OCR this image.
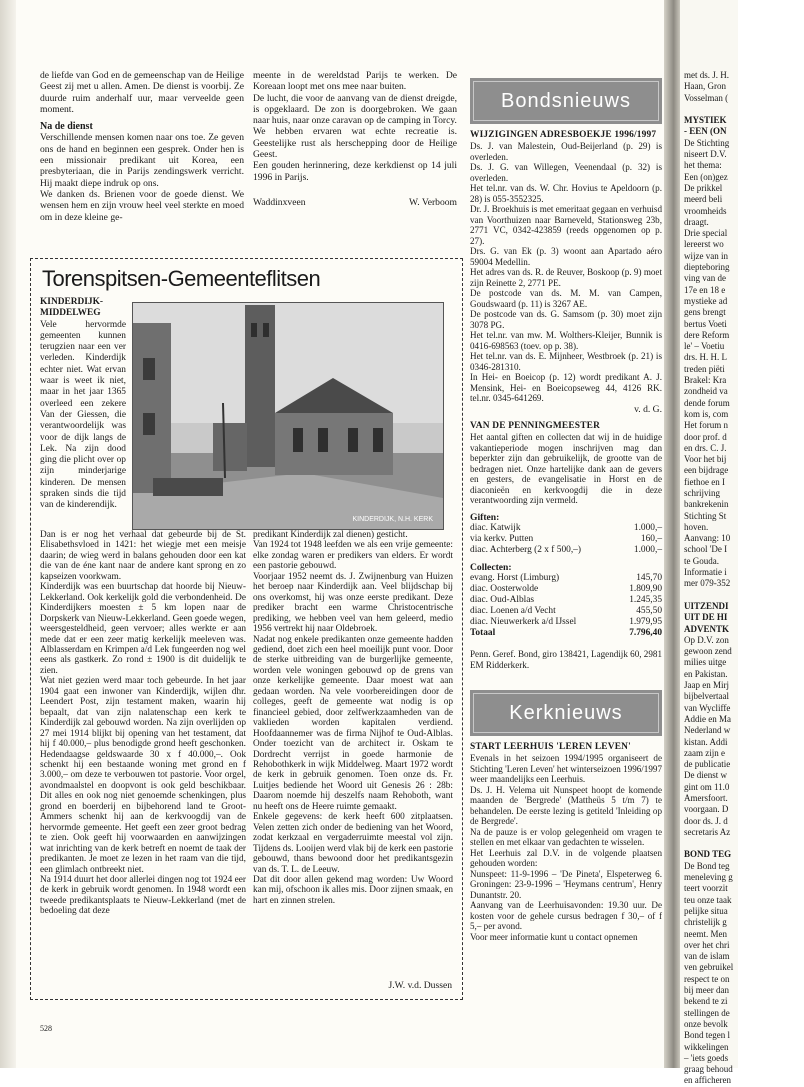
de liefde van God en de gemeenschap van de Heilige Geest zij met u allen. Amen. De dienst is voorbij. Ze duurde ruim anderhalf uur, maar verveelde geen moment.

Na de dienst

Verschillende mensen komen naar ons toe. Ze geven ons de hand en beginnen een gesprek. Onder hen is een missionair predikant uit Korea, een presbyteriaan, die in Parijs zendingswerk verricht. Hij maakt diepe indruk op ons.

We danken ds. Brienen voor de goede dienst. We wensen hem en zijn vrouw heel veel sterkte en moed om in deze kleine ge-

meente in de wereldstad Parijs te werken. De Koreaan loopt met ons mee naar buiten.

De lucht, die voor de aanvang van de dienst dreigde, is opgeklaard. De zon is doorgebroken. We gaan naar huis, naar onze caravan op de camping in Torcy.

We hebben ervaren wat echte recreatie is. Geestelijke rust als herschepping door de Heilige Geest.

Een gouden herinnering, deze kerkdienst op 14 juli 1996 in Parijs.

Waddinxveen	W. Verboom
Torenspitsen-Gemeenteflitsen

KINDERDIJK-MIDDELWEG

Vele hervormde gemeenten kunnen terugzien naar een ver verleden. Kinderdijk echter niet. Wat ervan waar is weet ik niet, maar in het jaar 1365 overleed een zekere Van der Giessen, die verantwoordelijk was voor de dijk langs de Lek. Na zijn dood ging die plicht over op zijn minderjarige kinderen. De mensen spraken sinds die tijd van de kinderendijk.

KINDERDIJK, N.H. KERK
Dan is er nog het verhaal dat gebeurde bij de St. Elisabethsvloed in 1421: het wiegje met een meisje daarin; de wieg werd in balans gehouden door een kat die van de éne kant naar de andere kant sprong en zo kapseizen voorkwam.
Kinderdijk was een buurtschap dat hoorde bij Nieuw-Lekkerland. Ook kerkelijk gold die verbondenheid. De Kinderdijkers moesten ± 5 km lopen naar de Dorpskerk van Nieuw-Lekkerland. Geen goede wegen, weersgesteldheid, geen vervoer; alles werkte er aan mede dat er een zeer matig kerkelijk meeleven was. Alblasserdam en Krimpen a/d Lek fungeerden nog wel eens als gastkerk. Zo rond ± 1900 is dit duidelijk te zien.
Wat niet gezien werd maar toch gebeurde. In het jaar 1904 gaat een inwoner van Kinderdijk, wijlen dhr. Leendert Post, zijn testament maken, waarin hij bepaalt, dat van zijn nalatenschap een kerk te Kinderdijk zal gebouwd worden. Na zijn overlijden op 27 mei 1914 blijkt bij opening van het testament, dat hij f 40.000,– plus benodigde grond heeft geschonken. Hedendaagse geldswaarde 30 x f 40.000,–. Ook schenkt hij een bestaande woning met grond en f 3.000,– om deze te verbouwen tot pastorie. Voor orgel, avondmaalstel en doopvont is ook geld beschikbaar. Dit alles en ook nog niet genoemde schenkingen, plus grond en boerderij en bijbehorend land te Groot-Ammers schenkt hij aan de kerkvoogdij van de hervormde gemeente. Het geeft een zeer groot bedrag te zien. Ook geeft hij voorwaarden en aanwijzingen wat inrichting van de kerk betreft en noemt de taak der predikanten. Je moet ze lezen in het raam van die tijd, een glimlach ontbreekt niet.
Na 1914 duurt het door allerlei dingen nog tot 1924 eer de kerk in gebruik wordt genomen. In 1948 wordt een tweede predikantsplaats te Nieuw-Lekkerland (met de bedoeling dat deze
predikant Kinderdijk zal dienen) gesticht.
Van 1924 tot 1948 leefden we als een vrije gemeente: elke zondag waren er predikers van elders. Er wordt een pastorie gebouwd.
Voorjaar 1952 neemt ds. J. Zwijnenburg van Huizen het beroep naar Kinderdijk aan. Veel blijdschap bij ons overkomst, hij was onze eerste predikant. Deze prediker bracht een warme Christocentrische prediking, we hebben veel van hem geleerd, medio 1956 vertrekt hij naar Oldebroek.
Nadat nog enkele predikanten onze gemeente hadden gediend, doet zich een heel moeilijk punt voor. Door de sterke uitbreiding van de burgerlijke gemeente, worden vele woningen gebouwd op de grens van onze kerkelijke gemeente. Daar moest wat aan gedaan worden. Na vele voorbereidingen door de colleges, geeft de gemeente wat nodig is op financieel gebied, door zelfwerkzaamheden van de vaklieden worden kapitalen verdiend. Hoofdaannemer was de firma Nijhof te Oud-Alblas. Onder toezicht van de architect ir. Oskam te Dordrecht verrijst in goede harmonie de Rehobothkerk in wijk Middelweg. Maart 1972 wordt de kerk in gebruik genomen. Toen onze ds. Fr. Luitjes bediende het Woord uit Genesis 26 : 28b: Daarom noemde hij deszelfs naam Rehoboth, want nu heeft ons de Heere ruimte gemaakt.
Enkele gegevens: de kerk heeft 600 zitplaatsen. Velen zetten zich onder de bediening van het Woord, zodat kerkzaal en vergaderruimte meestal vol zijn. Tijdens ds. Looijen werd vlak bij de kerk een pastorie gebouwd, thans bewoond door het predikantsgezin van ds. T. L. de Leeuw.
Dat dit door allen gekend mag worden: Uw Woord kan mij, ofschoon ik alles mis. Door zijnen smaak, en hart en zinnen strelen.
J.W. v.d. Dussen
528
Bondsnieuws

WIJZIGINGEN ADRESBOEKJE 1996/1997

Ds. J. van Malestein, Oud-Beijerland (p. 29) is overleden.
Ds. J. G. van Willegen, Veenendaal (p. 32) is overleden.
Het tel.nr. van ds. W. Chr. Hovius te Apeldoorn (p. 28) is 055-3552325.
Dr. J. Broekhuis is met emeritaat gegaan en verhuisd van Voorthuizen naar Barneveld, Stationsweg 23b, 2771 VC, 0342-423859 (reeds opgenomen op p. 27).
Drs. G. van Ek (p. 3) woont aan Apartado aéro 59004 Medellin.
Het adres van ds. R. de Reuver, Boskoop (p. 9) moet zijn Reinette 2, 2771 PE.
De postcode van ds. M. M. van Campen, Goudswaard (p. 11) is 3267 AE.
De postcode van ds. G. Samsom (p. 30) moet zijn 3078 PG.
Het tel.nr. van mw. M. Wolthers-Kleijer, Bunnik is 0416-698563 (toev. op p. 38).
Het tel.nr. van ds. E. Mijnheer, Westbroek (p. 21) is 0346-281310.
In Hei- en Boeicop (p. 12) wordt predikant A. J. Mensink, Hei- en Boeicopseweg 44, 4126 RK. tel.nr. 0345-641269.

v. d. G.

VAN DE PENNINGMEESTER

Het aantal giften en collecten dat wij in de huidige vakantieperiode mogen inschrijven mag dan beperkter zijn dan gebruikelijk, de grootte van de bedragen niet. Onze hartelijke dank aan de gevers en gesters, de evangelisatie in Horst en de diaconieën en kerkvoogdij die in deze verantwoording zijn vermeld.

Giften:

diac. Katwijk	1.000,–
via kerkv. Putten	160,–
diac. Achterberg (2 x f 500,–)	1.000,–

Collecten:

evang. Horst (Limburg)	145,70
diac. Oosterwolde	1.809,90
diac. Oud-Alblas	1.245,35
diac. Loenen a/d Vecht	455,50
diac. Nieuwerkerk a/d IJssel	1.979,95
Totaal	7.796,40

Penn. Geref. Bond, giro 138421, Lagendijk 60, 2981 EM Ridderkerk.

Kerknieuws

START LEERHUIS 'LEREN LEVEN'

Evenals in het seizoen 1994/1995 organiseert de Stichting 'Leren Leven' het winterseizoen 1996/1997 weer maandelijks een Leerhuis.
Ds. J. H. Velema uit Nunspeet hoopt de komende maanden de 'Bergrede' (Mattheüs 5 t/m 7) te behandelen. De eerste lezing is getiteld 'Inleiding op de Bergrede'.
Na de pauze is er volop gelegenheid om vragen te stellen en met elkaar van gedachten te wisselen.
Het Leerhuis zal D.V. in de volgende plaatsen gehouden worden:
Nunspeet: 11-9-1996 – 'De Pineta', Elspeterweg 6. Groningen: 23-9-1996 – 'Heymans centrum', Henry Dunantstr. 20.
Aanvang van de Leerhuisavonden: 19.30 uur. De kosten voor de gehele cursus bedragen f 30,– of f 5,– per avond.
Voor meer informatie kunt u contact opnemen

met ds. J. H.
Haan, Gron
Vosselman (

MYSTIEK
- EEN (ON
De Stichting
niseert D.V.
het thema:
Een (on)gez
De prikkel
meerd beli
vroomheids
draagt.
Drie special
lereerst wo
wijze van in
diepteboring
ving van de
17e en 18 e
mystieke ad
gens brengt
bertus Voeti
dere Reform
le' – Voetiu
drs. H. H. L
treden piëti
Brakel: Kra
zondheid va
dende forum
kom is, com
Het forum n
door prof. d
en drs. C. J.
Voor het bij
een bijdrage
fiethoe en I
schrijving
bankrekenin
Stichting St
hoven.
Aanvang: 10
school 'De I
te Gouda.
Informatie i
mer 079-352

UITZENDI
UIT DE HI
ADVENTK
Op D.V. zon
gewoon zend
milies uitge
en Pakistan.
Jaap en Mirj
bijbelvertaal
van Wycliffe
Addie en Ma
Nederland w
kistan. Addi
zaam zijn e
de publicatie
De dienst w
gint om 11.0
Amersfoort.
voorgaan. D
door ds. J. d
secretaris Az

BOND TEG
De Bond teg
meneleving g
teert voorzit
teu onze taak
pelijke situa
christelijk g
neemt. Men
over het chri
van de islam
ven gebruikel
respect te on
bij meer dan
bekend te zi
stellingen de
onze bevolk
Bond tegen l
wikkelingen
– 'iets goeds
graag behoud
en afficheren
